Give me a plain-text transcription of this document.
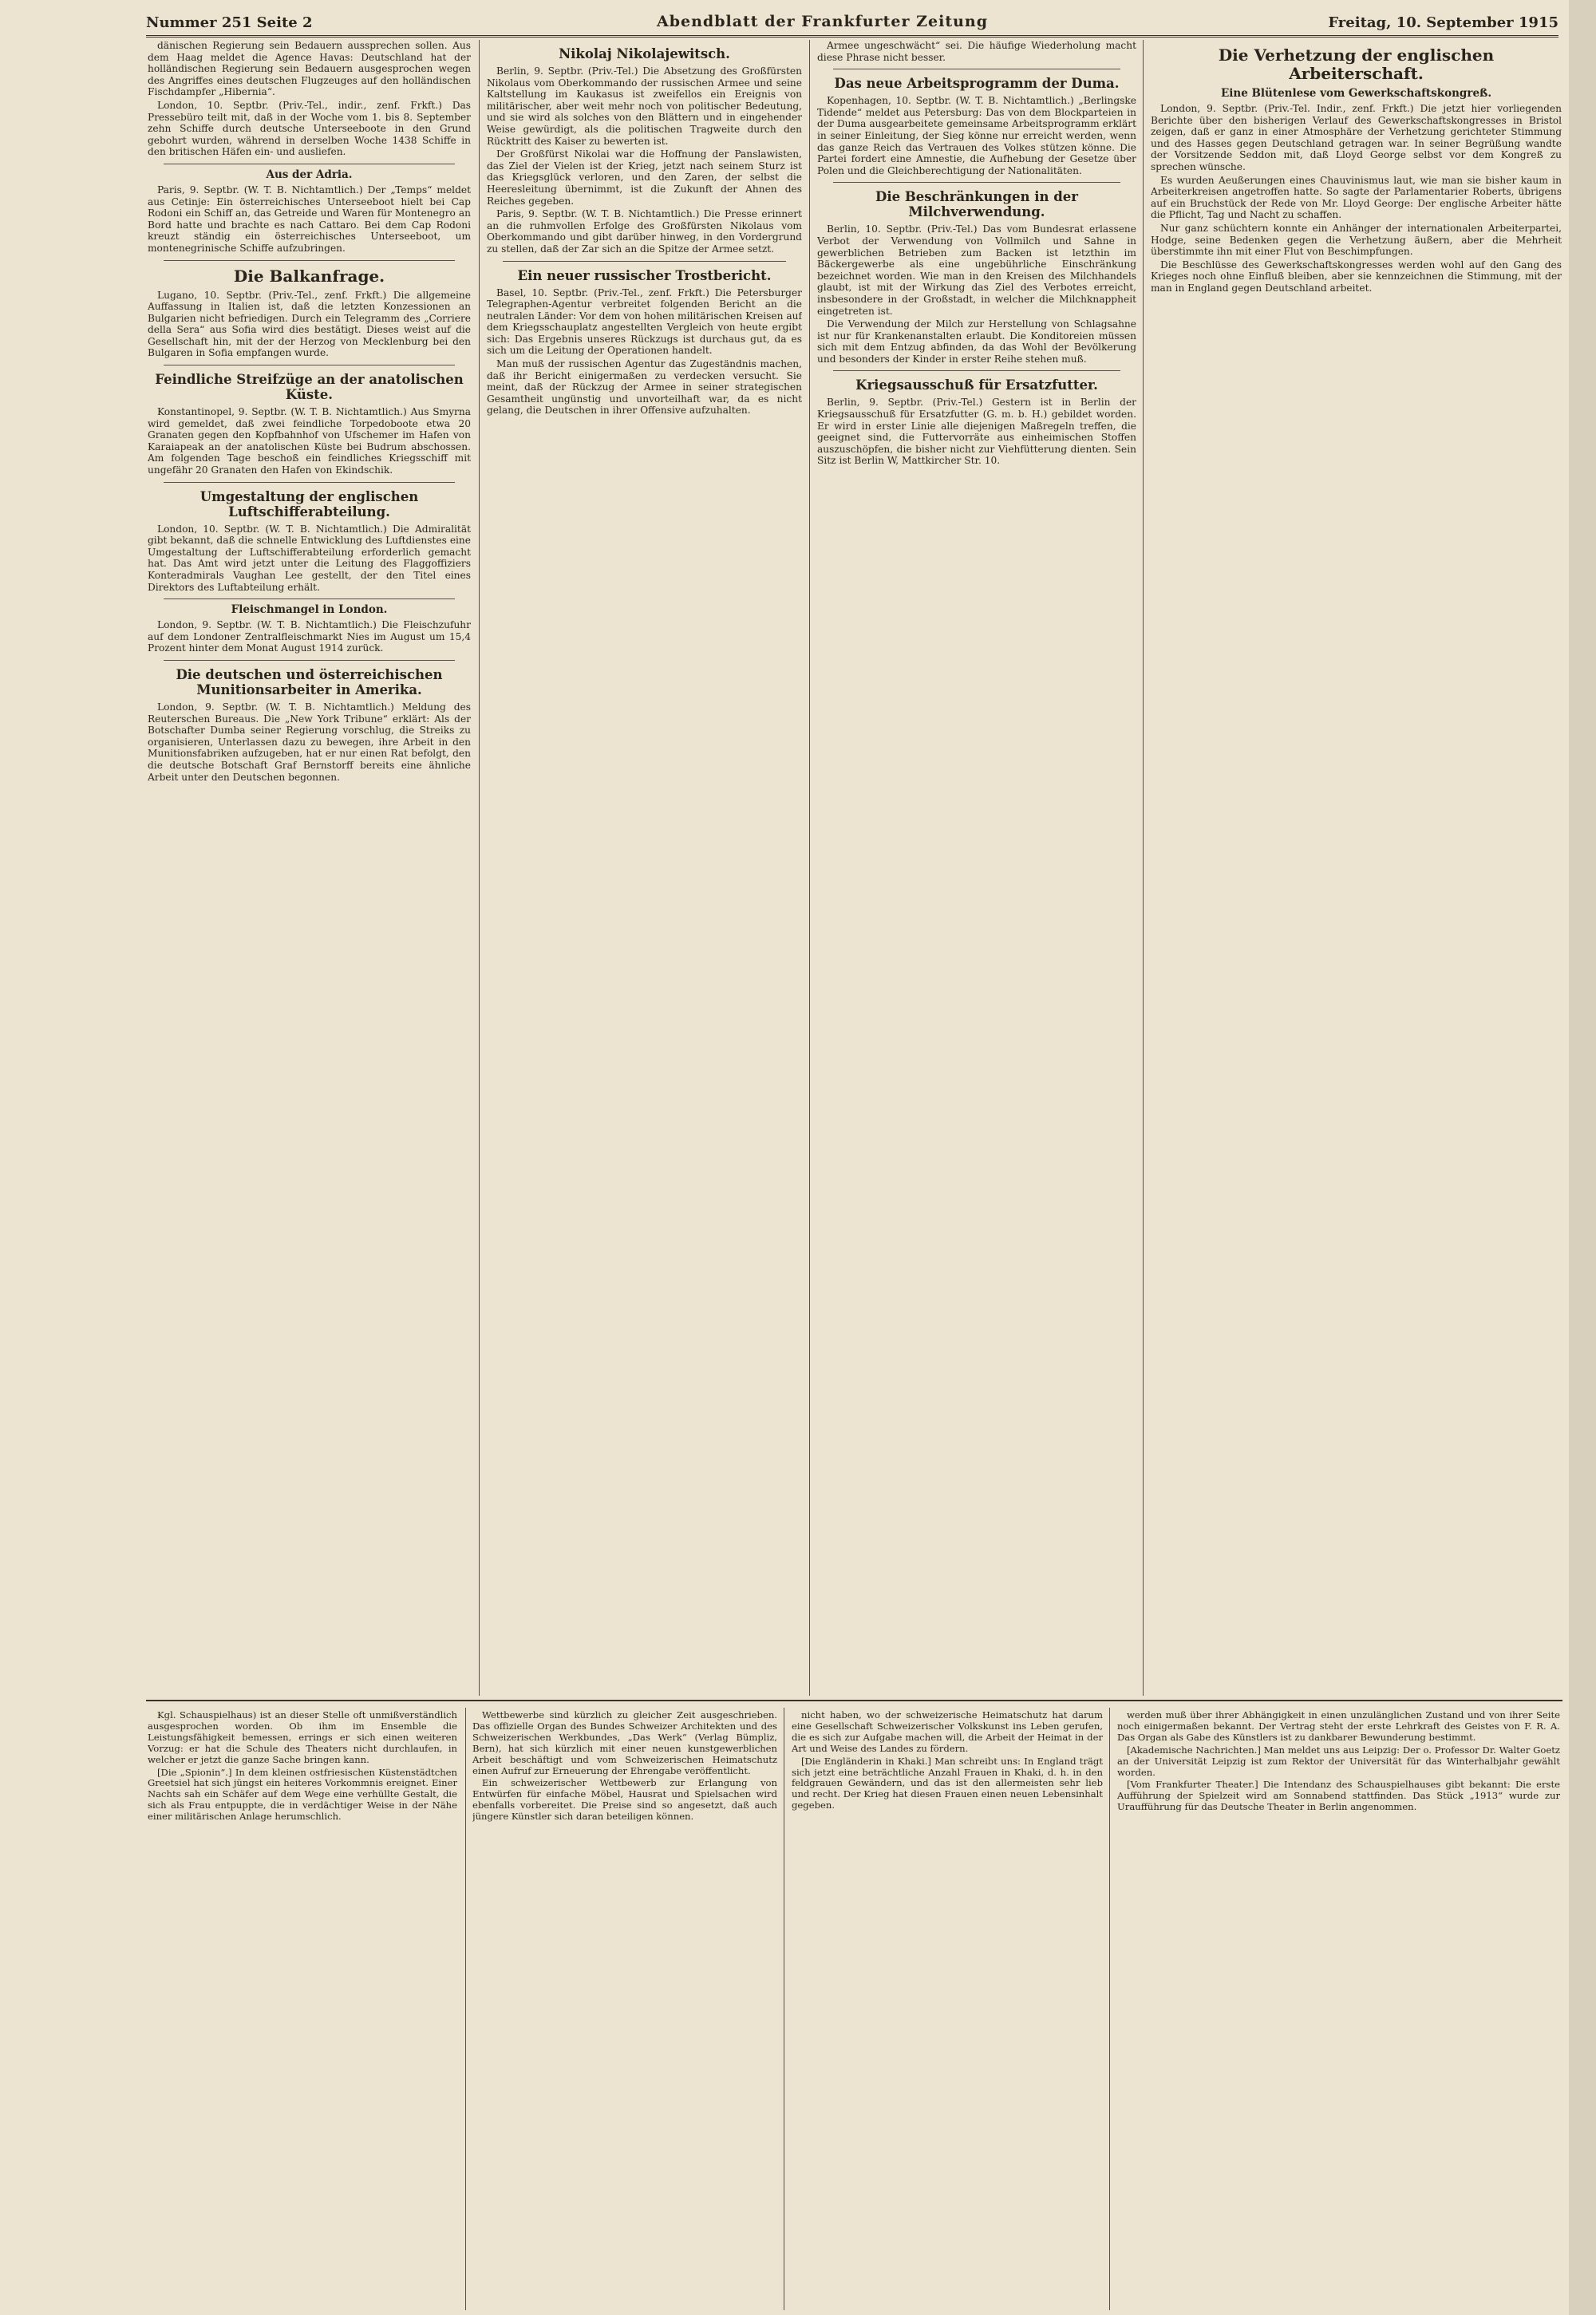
Nummer 251 Seite 2	Abendblatt der Frankfurter Zeitung	Freitag, 10. September 1915

dänischen Regierung sein Bedauern aussprechen sollen. Aus dem Haag meldet die Agence Havas: Deutschland hat der holländischen Regierung sein Bedauern ausgesprochen wegen des Angriffes eines deutschen Flugzeuges auf den holländischen Fischdampfer „Hibernia“.

London, 10. Septbr. (Priv.-Tel., indir., zenf. Frkft.) Das Pressebüro teilt mit, daß in der Woche vom 1. bis 8. September zehn Schiffe durch deutsche Unterseeboote in den Grund gebohrt wurden, während in derselben Woche 1438 Schiffe in den britischen Häfen ein- und ausliefen.

Aus der Adria.

Paris, 9. Septbr. (W. T. B. Nichtamtlich.) Der „Temps“ meldet aus Cetinje: Ein österreichisches Unterseeboot hielt bei Cap Rodoni ein Schiff an, das Getreide und Waren für Montenegro an Bord hatte und brachte es nach Cattaro. Bei dem Cap Rodoni kreuzt ständig ein österreichisches Unterseeboot, um montenegrinische Schiffe aufzubringen.

Die Balkanfrage.

Lugano, 10. Septbr. (Priv.-Tel., zenf. Frkft.) Die allgemeine Auffassung in Italien ist, daß die letzten Konzessionen an Bulgarien nicht befriedigen. Durch ein Telegramm des „Corriere della Sera“ aus Sofia wird dies bestätigt. Dieses weist auf die Gesellschaft hin, mit der der Herzog von Mecklenburg bei den Bulgaren in Sofia empfangen wurde.

Feindliche Streifzüge an der anatolischen Küste.

Konstantinopel, 9. Septbr. (W. T. B. Nichtamtlich.) Aus Smyrna wird gemeldet, daß zwei feindliche Torpedoboote etwa 20 Granaten gegen den Kopfbahnhof von Ufschemer im Hafen von Karaiapeak an der anatolischen Küste bei Budrum abschossen. Am folgenden Tage beschoß ein feindliches Kriegsschiff mit ungefähr 20 Granaten den Hafen von Ekindschik.

Umgestaltung der englischen Luftschifferabteilung.

London, 10. Septbr. (W. T. B. Nichtamtlich.) Die Admiralität gibt bekannt, daß die schnelle Entwicklung des Luftdienstes eine Umgestaltung der Luftschifferabteilung erforderlich gemacht hat. Das Amt wird jetzt unter die Leitung des Flaggoffiziers Konteradmirals Vaughan Lee gestellt, der den Titel eines Direktors des Luftabteilung erhält.

Fleischmangel in London.

London, 9. Septbr. (W. T. B. Nichtamtlich.) Die Fleischzufuhr auf dem Londoner Zentralfleischmarkt Nies im August um 15,4 Prozent hinter dem Monat August 1914 zurück.

Die deutschen und österreichischen Munitionsarbeiter in Amerika.

London, 9. Septbr. (W. T. B. Nichtamtlich.) Meldung des Reuterschen Bureaus. Die „New York Tribune“ erklärt: Als der Botschafter Dumba seiner Regierung vorschlug, die Streiks zu organisieren, Unterlassen dazu zu bewegen, ihre Arbeit in den Munitionsfabriken aufzugeben, hat er nur einen Rat befolgt, den die deutsche Botschaft Graf Bernstorff bereits eine ähnliche Arbeit unter den Deutschen begonnen.

Nikolaj Nikolajewitsch.

Berlin, 9. Septbr. (Priv.-Tel.) Die Absetzung des Großfürsten Nikolaus vom Oberkommando der russischen Armee und seine Kaltstellung im Kaukasus ist zweifellos ein Ereignis von militärischer, aber weit mehr noch von politischer Bedeutung, und sie wird als solches von den Blättern und in eingehender Weise gewürdigt, als die politischen Tragweite durch den Rücktritt des Kaiser zu bewerten ist.

Der Großfürst Nikolai war die Hoffnung der Panslawisten, das Ziel der Vielen ist der Krieg, jetzt nach seinem Sturz ist das Kriegsglück verloren, und den Zaren, der selbst die Heeresleitung übernimmt, ist die Zukunft der Ahnen des Reiches gegeben.

Paris, 9. Septbr. (W. T. B. Nichtamtlich.) Die Presse erinnert an die ruhmvollen Erfolge des Großfürsten Nikolaus vom Oberkommando und gibt darüber hinweg, in den Vordergrund zu stellen, daß der Zar sich an die Spitze der Armee setzt.

Ein neuer russischer Trostbericht.

Basel, 10. Septbr. (Priv.-Tel., zenf. Frkft.) Die Petersburger Telegraphen-Agentur verbreitet folgenden Bericht an die neutralen Länder: Vor dem von hohen militärischen Kreisen auf dem Kriegsschauplatz angestellten Vergleich von heute ergibt sich: Das Ergebnis unseres Rückzugs ist durchaus gut, da es sich um die Leitung der Operationen handelt.

Man muß der russischen Agentur das Zugeständnis machen, daß ihr Bericht einigermaßen zu verdecken versucht. Sie meint, daß der Rückzug der Armee in seiner strategischen Gesamtheit ungünstig und unvorteilhaft war, da es nicht gelang, die Deutschen in ihrer Offensive aufzuhalten.

Armee ungeschwächt“ sei. Die häufige Wiederholung macht diese Phrase nicht besser.

Das neue Arbeitsprogramm der Duma.

Kopenhagen, 10. Septbr. (W. T. B. Nichtamtlich.) „Berlingske Tidende“ meldet aus Petersburg: Das von dem Blockparteien in der Duma ausgearbeitete gemeinsame Arbeitsprogramm erklärt in seiner Einleitung, der Sieg könne nur erreicht werden, wenn das ganze Reich das Vertrauen des Volkes stützen könne. Die Partei fordert eine Amnestie, die Aufhebung der Gesetze über Polen und die Gleichberechtigung der Nationalitäten.

Die Beschränkungen in der Milchverwendung.

Berlin, 10. Septbr. (Priv.-Tel.) Das vom Bundesrat erlassene Verbot der Verwendung von Vollmilch und Sahne in gewerblichen Betrieben zum Backen ist letzthin im Bäckergewerbe als eine ungebührliche Einschränkung bezeichnet worden. Wie man in den Kreisen des Milchhandels glaubt, ist mit der Wirkung das Ziel des Verbotes erreicht, insbesondere in der Großstadt, in welcher die Milchknappheit eingetreten ist.

Die Verwendung der Milch zur Herstellung von Schlagsahne ist nur für Krankenanstalten erlaubt. Die Konditoreien müssen sich mit dem Entzug abfinden, da das Wohl der Bevölkerung und besonders der Kinder in erster Reihe stehen muß.

Kriegsausschuß für Ersatzfutter.

Berlin, 9. Septbr. (Priv.-Tel.) Gestern ist in Berlin der Kriegsausschuß für Ersatzfutter (G. m. b. H.) gebildet worden. Er wird in erster Linie alle diejenigen Maßregeln treffen, die geeignet sind, die Futtervorräte aus einheimischen Stoffen auszuschöpfen, die bisher nicht zur Viehfütterung dienten. Sein Sitz ist Berlin W, Mattkircher Str. 10.

Die Verhetzung der englischen Arbeiterschaft.
Eine Blütenlese vom Gewerkschaftskongreß.

London, 9. Septbr. (Priv.-Tel. Indir., zenf. Frkft.) Die jetzt hier vorliegenden Berichte über den bisherigen Verlauf des Gewerkschaftskongresses in Bristol zeigen, daß er ganz in einer Atmosphäre der Verhetzung gerichteter Stimmung und des Hasses gegen Deutschland getragen war. In seiner Begrüßung wandte der Vorsitzende Seddon mit, daß Lloyd George selbst vor dem Kongreß zu sprechen wünsche.

Es wurden Aeußerungen eines Chauvinismus laut, wie man sie bisher kaum in Arbeiterkreisen angetroffen hatte. So sagte der Parlamentarier Roberts, übrigens auf ein Bruchstück der Rede von Mr. Lloyd George: Der englische Arbeiter hätte die Pflicht, Tag und Nacht zu schaffen.

Nur ganz schüchtern konnte ein Anhänger der internationalen Arbeiterpartei, Hodge, seine Bedenken gegen die Verhetzung äußern, aber die Mehrheit überstimmte ihn mit einer Flut von Beschimpfungen.

Die Beschlüsse des Gewerkschaftskongresses werden wohl auf den Gang des Krieges noch ohne Einfluß bleiben, aber sie kennzeichnen die Stimmung, mit der man in England gegen Deutschland arbeitet.

Kgl. Schauspielhaus) ist an dieser Stelle oft unmißverständlich ausgesprochen worden. Ob ihm im Ensemble die Leistungsfähigkeit bemessen, errings er sich einen weiteren Vorzug: er hat die Schule des Theaters nicht durchlaufen, in welcher er jetzt die ganze Sache bringen kann.

[Die „Spionin“.] In dem kleinen ostfriesischen Küstenstädtchen Greetsiel hat sich jüngst ein heiteres Vorkommnis ereignet. Einer Nachts sah ein Schäfer auf dem Wege eine verhüllte Gestalt, die sich als Frau entpuppte, die in verdächtiger Weise in der Nähe einer militärischen Anlage herumschlich.

Wettbewerbe sind kürzlich zu gleicher Zeit ausgeschrieben. Das offizielle Organ des Bundes Schweizer Architekten und des Schweizerischen Werkbundes, „Das Werk“ (Verlag Bümpliz, Bern), hat sich kürzlich mit einer neuen kunstgewerblichen Arbeit beschäftigt und vom Schweizerischen Heimatschutz einen Aufruf zur Erneuerung der Ehrengabe veröffentlicht.

Ein schweizerischer Wettbewerb zur Erlangung von Entwürfen für einfache Möbel, Hausrat und Spielsachen wird ebenfalls vorbereitet. Die Preise sind so angesetzt, daß auch jüngere Künstler sich daran beteiligen können.

nicht haben, wo der schweizerische Heimatschutz hat darum eine Gesellschaft Schweizerischer Volkskunst ins Leben gerufen, die es sich zur Aufgabe machen will, die Arbeit der Heimat in der Art und Weise des Landes zu fördern.

[Die Engländerin in Khaki.] Man schreibt uns: In England trägt sich jetzt eine beträchtliche Anzahl Frauen in Khaki, d. h. in den feldgrauen Gewändern, und das ist den allermeisten sehr lieb und recht. Der Krieg hat diesen Frauen einen neuen Lebensinhalt gegeben.

werden muß über ihrer Abhängigkeit in einen unzulänglichen Zustand und von ihrer Seite noch einigermaßen bekannt. Der Vertrag steht der erste Lehrkraft des Geistes von F. R. A. Das Organ als Gabe des Künstlers ist zu dankbarer Bewunderung bestimmt.

[Akademische Nachrichten.] Man meldet uns aus Leipzig: Der o. Professor Dr. Walter Goetz an der Universität Leipzig ist zum Rektor der Universität für das Winterhalbjahr gewählt worden.

[Vom Frankfurter Theater.] Die Intendanz des Schauspielhauses gibt bekannt: Die erste Aufführung der Spielzeit wird am Sonnabend stattfinden. Das Stück „1913“ wurde zur Uraufführung für das Deutsche Theater in Berlin angenommen.
